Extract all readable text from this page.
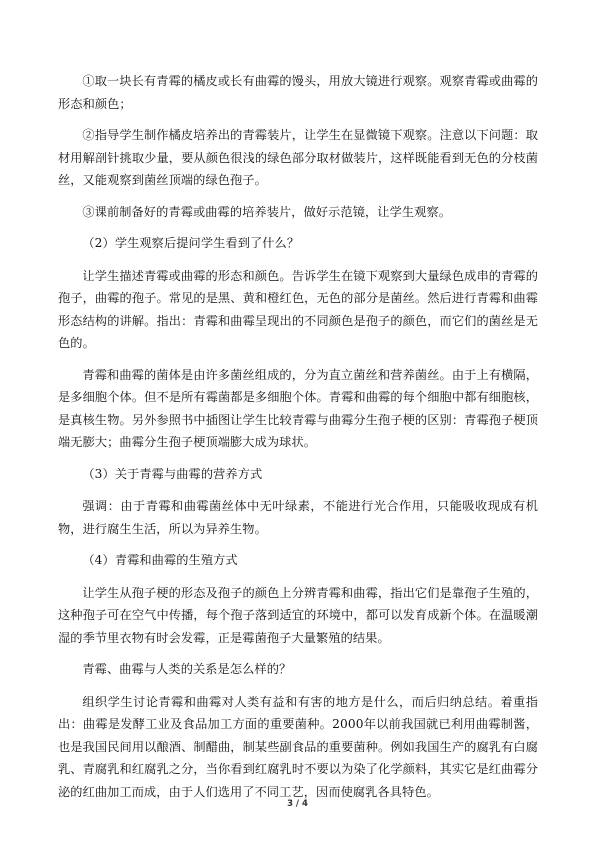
①取一块长有青霉的橘皮或长有曲霉的馒头，用放大镜进行观察。观察青霉或曲霉的形态和颜色；

②指导学生制作橘皮培养出的青霉装片，让学生在显微镜下观察。注意以下问题：取材用解剖针挑取少量，要从颜色很浅的绿色部分取材做装片，这样既能看到无色的分枝菌丝，又能观察到菌丝顶端的绿色孢子。

③课前制备好的青霉或曲霉的培养装片，做好示范镜，让学生观察。

（2）学生观察后提问学生看到了什么？

让学生描述青霉或曲霉的形态和颜色。告诉学生在镜下观察到大量绿色成串的青霉的孢子，曲霉的孢子。常见的是黑、黄和橙红色，无色的部分是菌丝。然后进行青霉和曲霉形态结构的讲解。指出：青霉和曲霉呈现出的不同颜色是孢子的颜色，而它们的菌丝是无色的。

青霉和曲霉的菌体是由许多菌丝组成的，分为直立菌丝和营养菌丝。由于上有横隔，是多细胞个体。但不是所有霉菌都是多细胞个体。青霉和曲霉的每个细胞中都有细胞核，是真核生物。另外参照书中插图让学生比较青霉与曲霉分生孢子梗的区别：青霉孢子梗顶端无膨大；曲霉分生孢子梗顶端膨大成为球状。

（3）关于青霉与曲霉的营养方式

强调：由于青霉和曲霉菌丝体中无叶绿素，不能进行光合作用，只能吸收现成有机物，进行腐生生活，所以为异养生物。

（4）青霉和曲霉的生殖方式

让学生从孢子梗的形态及孢子的颜色上分辨青霉和曲霉，指出它们是靠孢子生殖的，这种孢子可在空气中传播，每个孢子落到适宜的环境中，都可以发育成新个体。在温暖潮湿的季节里衣物有时会发霉，正是霉菌孢子大量繁殖的结果。

青霉、曲霉与人类的关系是怎么样的？

组织学生讨论青霉和曲霉对人类有益和有害的地方是什么，而后归纳总结。着重指出：曲霉是发酵工业及食品加工方面的重要菌种。2000年以前我国就已利用曲霉制酱，也是我国民间用以酿酒、制醋曲，制某些副食品的重要菌种。例如我国生产的腐乳有白腐乳、青腐乳和红腐乳之分，当你看到红腐乳时不要以为染了化学颜料，其实它是红曲霉分泌的红曲加工而成，由于人们选用了不同工艺，因而使腐乳各具特色。

3 / 4
